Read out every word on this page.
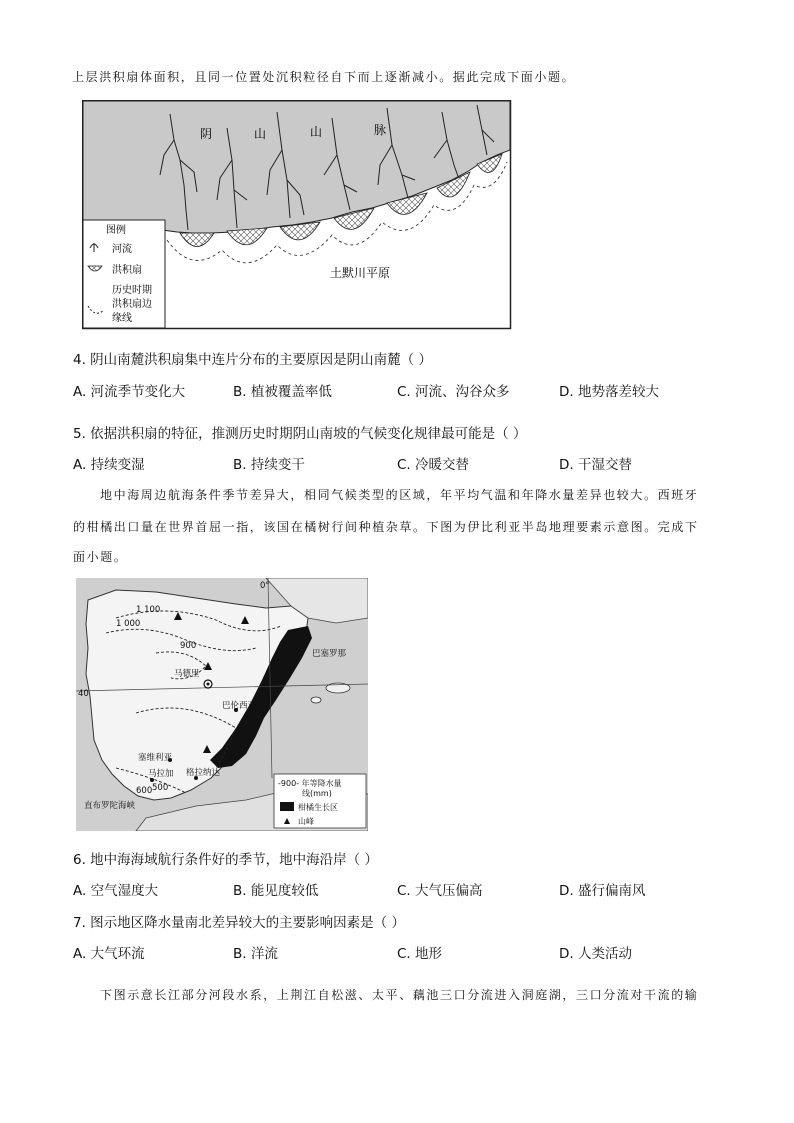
上层洪积扇体面积，且同一位置处沉积粒径自下而上逐渐减小。据此完成下面小题。
阴	山	山	脉
土默川平原
图例
河流
洪积扇
历史时期
洪积扇边
缘线
4. 阴山南麓洪积扇集中连片分布的主要原因是阴山南麓（ ）
A. 河流季节变化大	B. 植被覆盖率低	C. 河流、沟谷众多	D. 地势落差较大
5. 依据洪积扇的特征，推测历史时期阴山南坡的气候变化规律最可能是（ ）
A. 持续变湿	B. 持续变干	C. 冷暖交替	D. 干湿交替
地中海周边航海条件季节差异大，相同气候类型的区域，年平均气温和年降水量差异也较大。西班牙
的柑橘出口量在世界首屈一指，该国在橘树行间种植杂草。下图为伊比利亚半岛地理要素示意图。完成下
面小题。
1 100
1 000
900
600 500
马德里
巴伦西亚
塞维利亚
马拉加 格拉纳达
直布罗陀海峡
巴塞罗那
40
0°
-900- 年等降水量
线(mm)
柑橘生长区
山峰
6. 地中海海域航行条件好的季节，地中海沿岸（ ）
A. 空气湿度大	B. 能见度较低	C. 大气压偏高	D. 盛行偏南风
7. 图示地区降水量南北差异较大的主要影响因素是（ ）
A. 大气环流	B. 洋流	C. 地形	D. 人类活动
下图示意长江部分河段水系，上荆江自松滋、太平、藕池三口分流进入洞庭湖，三口分流对干流的输
